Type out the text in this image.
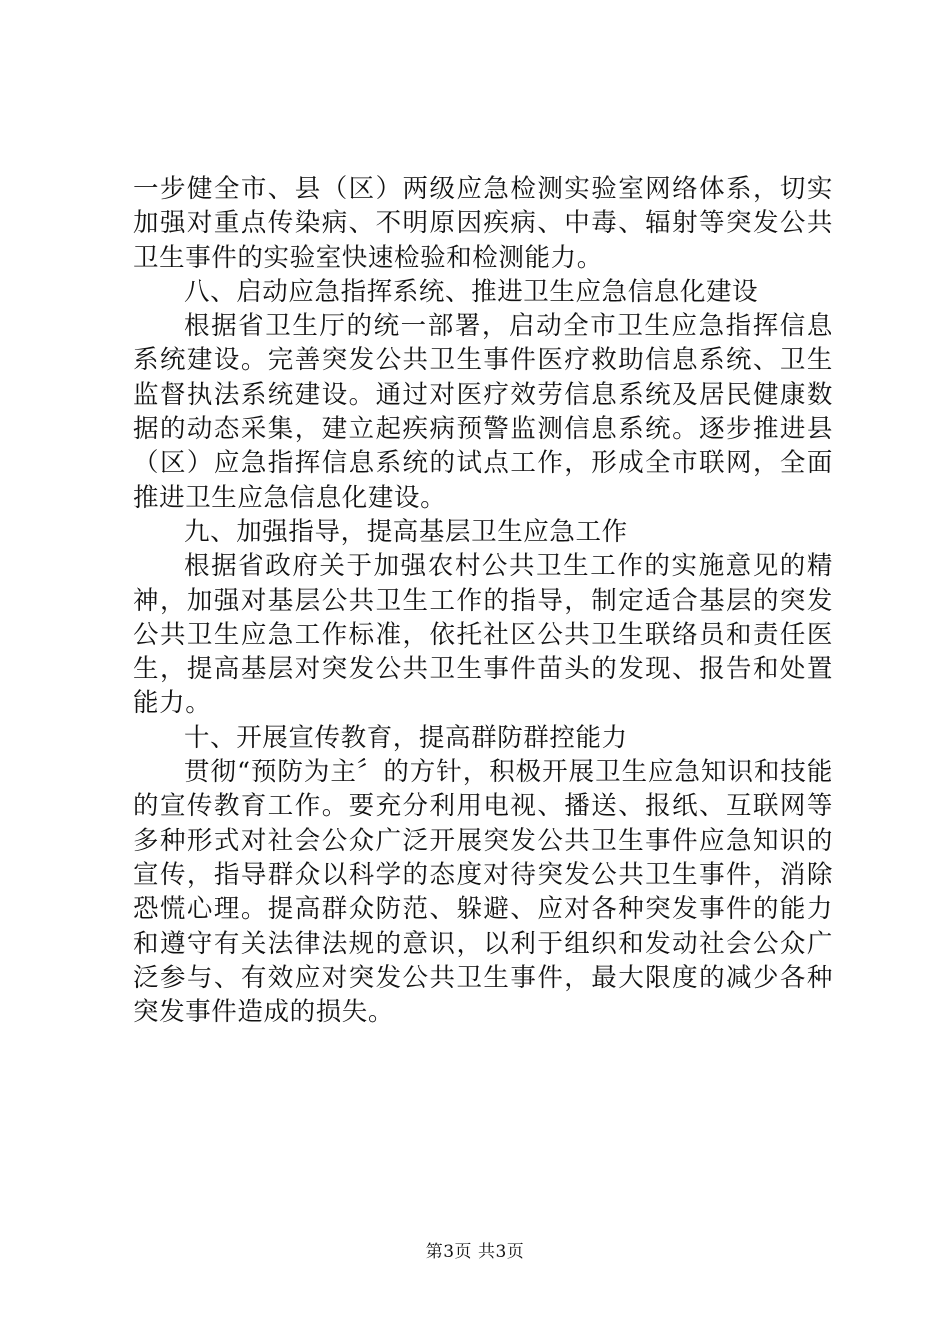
一步健全市、县（区）两级应急检测实验室网络体系，切实加强对重点传染病、不明原因疾病、中毒、辐射等突发公共卫生事件的实验室快速检验和检测能力。

八、启动应急指挥系统、推进卫生应急信息化建设

根据省卫生厅的统一部署，启动全市卫生应急指挥信息系统建设。完善突发公共卫生事件医疗救助信息系统、卫生监督执法系统建设。通过对医疗效劳信息系统及居民健康数据的动态采集，建立起疾病预警监测信息系统。逐步推进县（区）应急指挥信息系统的试点工作，形成全市联网，全面推进卫生应急信息化建设。

九、加强指导，提高基层卫生应急工作

根据省政府关于加强农村公共卫生工作的实施意见的精神，加强对基层公共卫生工作的指导，制定适合基层的突发公共卫生应急工作标准，依托社区公共卫生联络员和责任医生，提高基层对突发公共卫生事件苗头的发现、报告和处置能力。

十、开展宣传教育，提高群防群控能力

贯彻“预防为主〞的方针，积极开展卫生应急知识和技能的宣传教育工作。要充分利用电视、播送、报纸、互联网等多种形式对社会公众广泛开展突发公共卫生事件应急知识的宣传，指导群众以科学的态度对待突发公共卫生事件，消除恐慌心理。提高群众防范、躲避、应对各种突发事件的能力和遵守有关法律法规的意识，以利于组织和发动社会公众广泛参与、有效应对突发公共卫生事件，最大限度的减少各种突发事件造成的损失。

第3页 共3页
